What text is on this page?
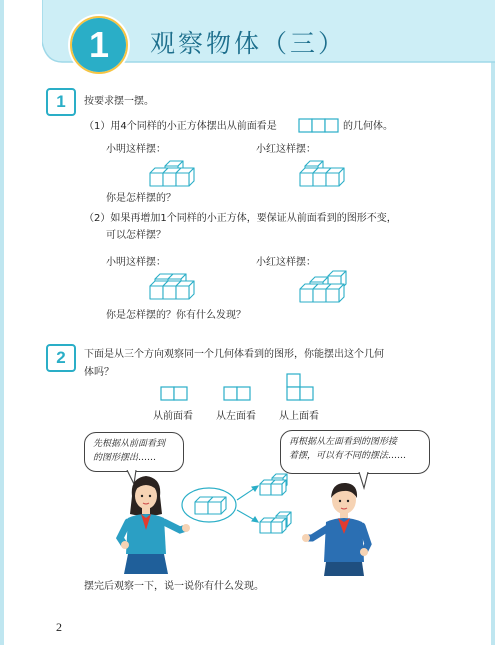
1	观察物体（三）
1	按要求摆一摆。
（1）用4个同样的小正方体摆出从前面看是	的几何体。
小明这样摆：	小红这样摆：
你是怎样摆的？
（2）如果再增加1个同样的小正方体，要保证从前面看到的图形不变，
可以怎样摆？
小明这样摆：	小红这样摆：
你是怎样摆的？你有什么发现？
2	下面是从三个方向观察同一个几何体看到的图形，你能摆出这个几何
体吗？
从前面看 从左面看 从上面看
先根据从前面看到
的图形摆出……
再根据从左面看到的图形接
着摆，可以有不同的摆法……
摆完后观察一下，说一说你有什么发现。
2
